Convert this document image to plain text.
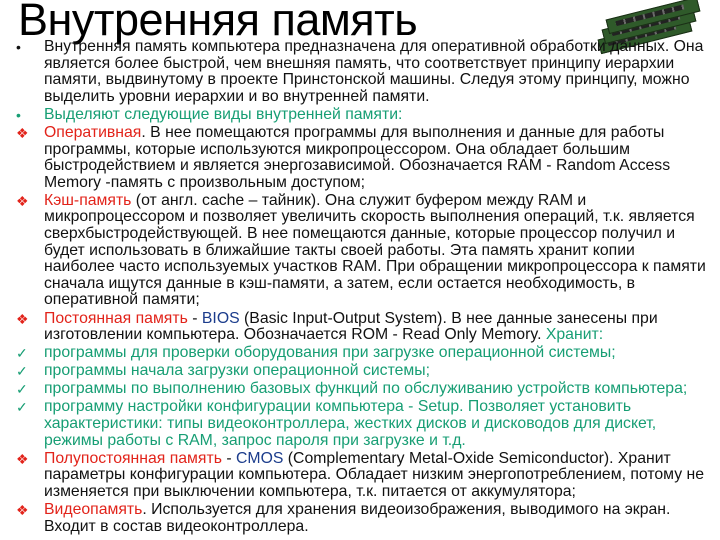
Внутренняя память
• Внутренняя память компьютера предназначена для оперативной обработки данных. Она является более быстрой, чем внешняя память, что соответствует принципу иерархии памяти, выдвинутому в проекте Принстонской машины. Следуя этому принципу, можно выделить уровни иерархии и во внутренней памяти.
• Выделяют следующие виды внутренней памяти:
❖ Оперативная. В нее помещаются программы для выполнения и данные для работы программы, которые используются микропроцессором. Она обладает большим быстродействием и является энергозависимой. Обозначается RAM - Random Access Memory -память с произвольным доступом;
❖ Кэш-память (от англ. cache – тайник). Она служит буфером между RAM и микропроцессором и позволяет увеличить скорость выполнения операций, т.к. является сверхбыстродействующей. В нее помещаются данные, которые процессор получил и будет использовать в ближайшие такты своей работы. Эта память хранит копии наиболее часто используемых участков RAM. При обращении микропроцессора к памяти сначала ищутся данные в кэш-памяти, а затем, если остается необходимость, в оперативной памяти;
❖ Постоянная память - BIOS (Basic Input-Output System). В нее данные занесены при изготовлении компьютера. Обозначается ROM - Read Only Memory. Хранит:
✓ программы для проверки оборудования при загрузке операционной системы;
✓ программы начала загрузки операционной системы;
✓ программы по выполнению базовых функций по обслуживанию устройств компьютера;
✓ программу настройки конфигурации компьютера - Setup. Позволяет установить характеристики: типы видеоконтроллера, жестких дисков и дисководов для дискет, режимы работы с RAM, запрос пароля при загрузке и т.д.
❖ Полупостоянная память - CMOS (Complementary Metal-Oxide Semiconductor). Хранит параметры конфигурации компьютера. Обладает низким энергопотреблением, потому не изменяется при выключении компьютера, т.к. питается от аккумулятора;
❖ Видеопамять. Используется для хранения видеоизображения, выводимого на экран. Входит в состав видеоконтроллера.
